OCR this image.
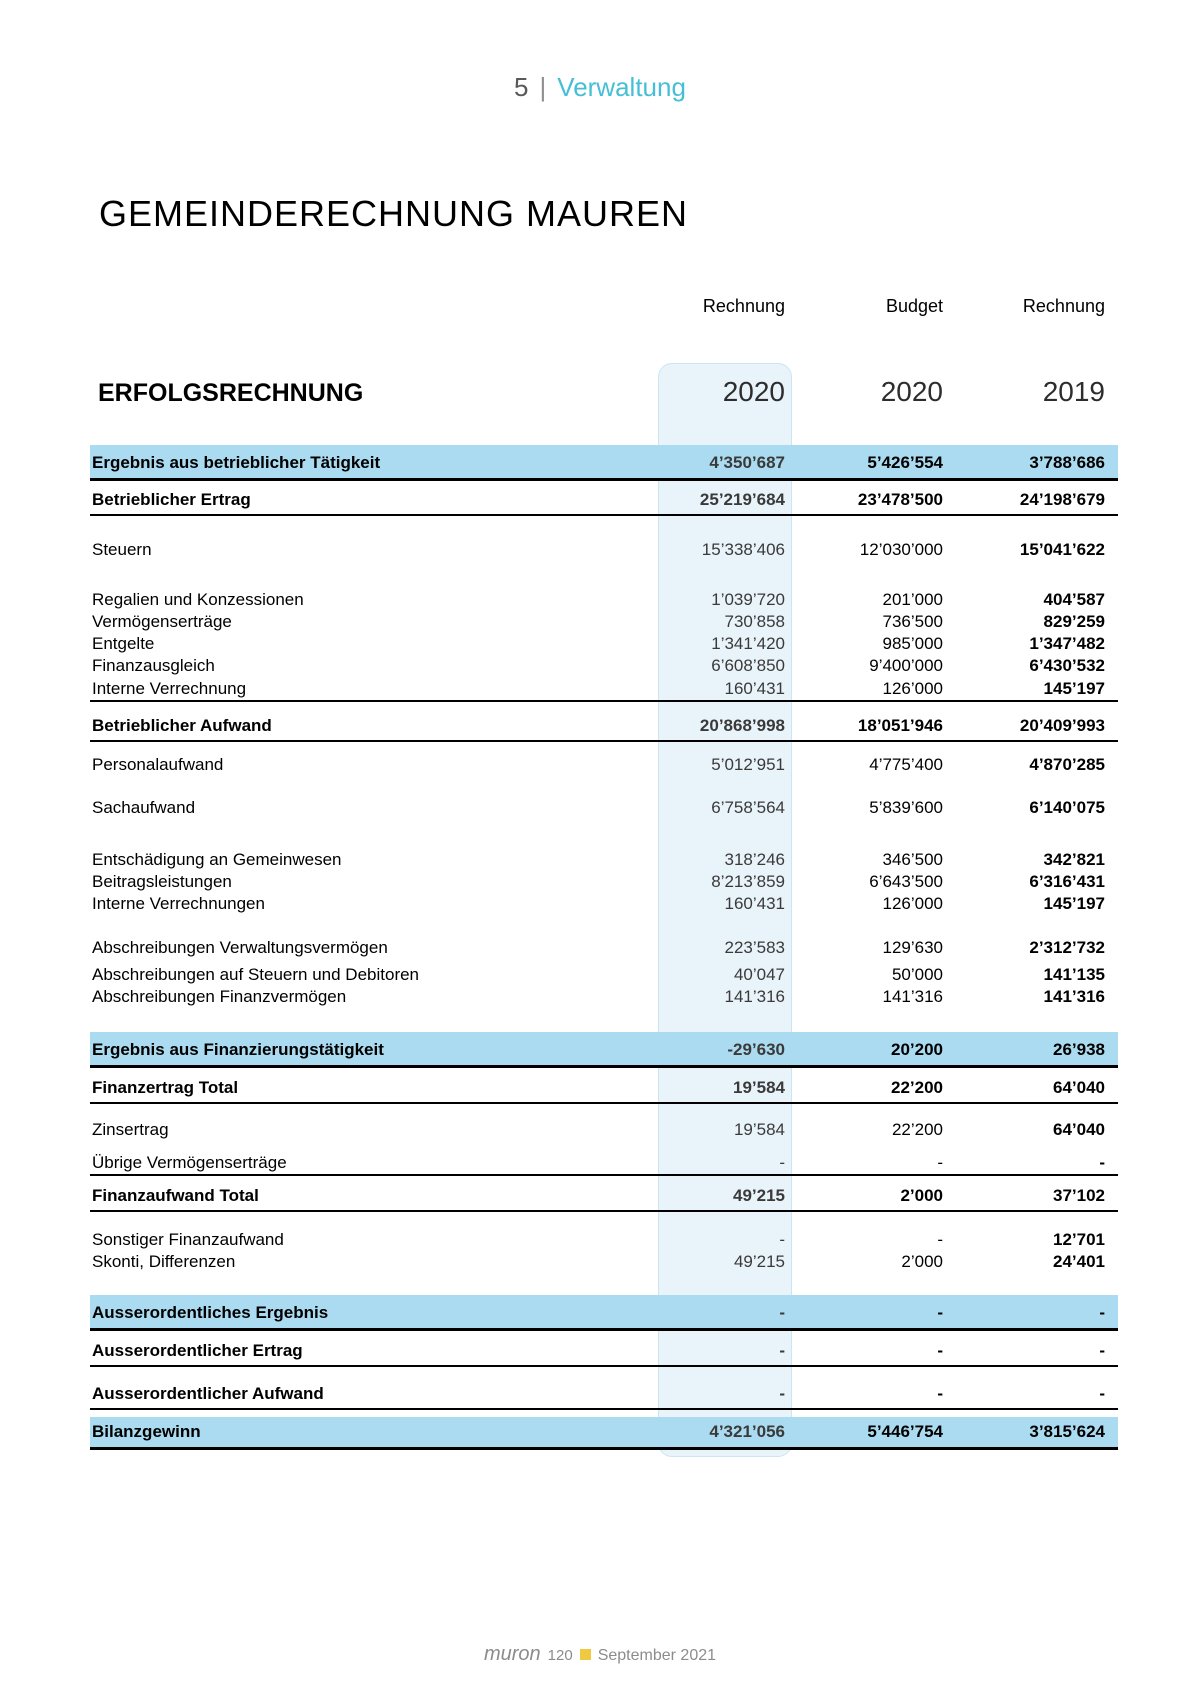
5 | Verwaltung
GEMEINDERECHNUNG MAUREN
Rechnung	Budget	Rechnung
ERFOLGSRECHNUNG	2020	2020	2019
Ergebnis aus betrieblicher Tätigkeit	4’350’687	5’426’554	3’788’686
Betrieblicher Ertrag	25’219’684	23’478’500	24’198’679
Steuern	15’338’406	12’030’000	15’041’622
Regalien und Konzessionen	1’039’720	201’000	404’587
Vermögenserträge	730’858	736’500	829’259
Entgelte	1’341’420	985’000	1’347’482
Finanzausgleich	6’608’850	9’400’000	6’430’532
Interne Verrechnung	160’431	126’000	145’197
Betrieblicher Aufwand	20’868’998	18’051’946	20’409’993
Personalaufwand	5’012’951	4’775’400	4’870’285
Sachaufwand	6’758’564	5’839’600	6’140’075
Entschädigung an Gemeinwesen	318’246	346’500	342’821
Beitragsleistungen	8’213’859	6’643’500	6’316’431
Interne Verrechnungen	160’431	126’000	145’197
Abschreibungen Verwaltungsvermögen	223’583	129’630	2’312’732
Abschreibungen auf Steuern und Debitoren	40’047	50’000	141’135
Abschreibungen Finanzvermögen	141’316	141’316	141’316
Ergebnis aus Finanzierungstätigkeit	-29’630	20’200	26’938
Finanzertrag Total	19’584	22’200	64’040
Zinsertrag	19’584	22’200	64’040
Übrige Vermögenserträge	-	-	-
Finanzaufwand Total	49’215	2’000	37’102
Sonstiger Finanzaufwand	-	-	12’701
Skonti, Differenzen	49’215	2’000	24’401
Ausserordentliches Ergebnis	-	-	-
Ausserordentlicher Ertrag	-	-	-
Ausserordentlicher Aufwand	-	-	-
Bilanzgewinn	4’321’056	5’446’754	3’815’624
muron 120 September 2021
